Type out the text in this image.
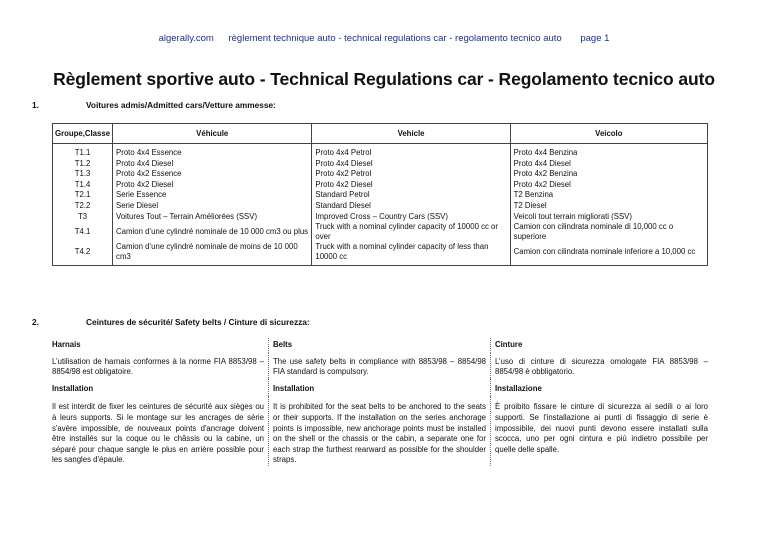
algerally.com règlement technique auto - technical regulations car - regolamento tecnico auto page 1
Règlement sportive auto - Technical Regulations car - Regolamento tecnico auto
1.	Voitures admis/Admitted cars/Vetture ammesse:
Groupe,Classe	Véhicule	Vehicle	Veicolo
T1.1	Proto 4x4 Essence	Proto 4x4 Petrol	Proto 4x4 Benzina
T1.2	Proto 4x4 Diesel	Proto 4x4 Diesel	Proto 4x4 Diesel
T1.3	Proto 4x2 Essence	Proto 4x2 Petrol	Proto 4x2 Benzina
T1.4	Proto 4x2 Diesel	Proto 4x2 Diesel	Proto 4x2 Diesel
T2.1	Serie Essence	Standard Petrol	T2 Benzina
T2.2	Serie Diesel	Standard Diesel	T2 Diesel
T3	Voitures Tout – Terrain Améliorées (SSV)	Improved Cross – Country Cars (SSV)	Veicoli tout terrain migliorati (SSV)
T4.1	Camion d’une cylindré nominale de 10 000 cm3 ou plus	Truck with a nominal cylinder capacity of 10000 cc or over	Camion con cilindrata nominale di 10,000 cc o superiore
T4.2	Camion d’une cylindré nominale de moins de 10 000 cm3	Truck with a nominal cylinder capacity of less than 10000 cc	Camion con cilindrata nominale inferiore a 10,000 cc
2.	Ceintures de sécurité/ Safety belts / Cinture di sicurezza:
Harnais	Belts	Cinture
L’utilisation de harnais conformes à la norme FIA 8853/98 – 8854/98 est obligatoire.
The use safety belts in compliance with 8853/98 – 8854/98 FIA standard is compulsory.
L’uso di cinture di sicurezza omologate FIA 8853/98 – 8854/98 è obbligatorio.
Installation	Installation	Installazione
Il est interdit de fixer les ceintures de sécurité aux sièges ou à leurs supports. Si le montage sur les ancrages de série s'avère impossible, de nouveaux points d'ancrage doivent être installés sur la coque ou le châssis ou la cabine, un séparé pour chaque sangle le plus en arrière possible pour les sangles d'épaule.
It is prohibited for the seat belts to be anchored to the seats or their supports. If the installation on the series anchorage points is impossible, new anchorage points must be installed on the shell or the chassis or the cabin, a separate one for each strap the furthest rearward as possible for the shoulder straps.
È proibito fissare le cinture di sicurezza ai sedili o ai loro supporti. Se l'installazione ai punti di fissaggio di serie è impossibile, dei nuovi punti devono essere installati sulla scocca, uno per ogni cintura e più indietro possibile per quelle delle spalle.
